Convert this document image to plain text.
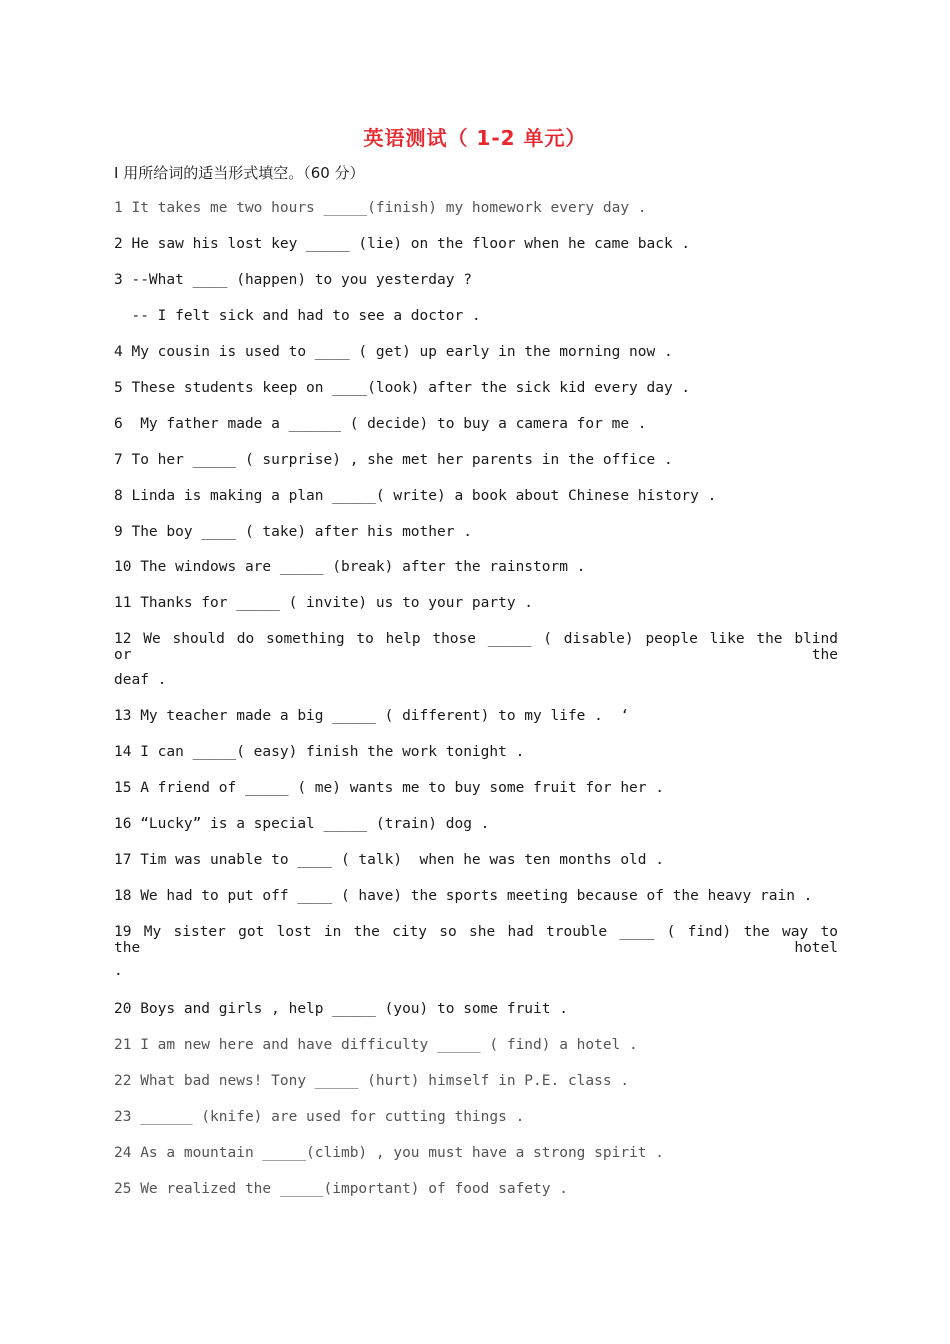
英语测试（ 1-2 单元）
I 用所给词的适当形式填空。（60 分）
1 It takes me two hours _____(finish) my homework every day .
2 He saw his lost key _____ (lie) on the floor when he came back .
3 --What ____ (happen) to you yesterday ?
-- I felt sick and had to see a doctor .
4 My cousin is used to ____ ( get) up early in the morning now .
5 These students keep on ____(look) after the sick kid every day .
6  My father made a ______ ( decide) to buy a camera for me .
7 To her _____ ( surprise) , she met her parents in the office .
8 Linda is making a plan _____( write) a book about Chinese history .
9 The boy ____ ( take) after his mother .
10 The windows are _____ (break) after the rainstorm .
11 Thanks for _____ ( invite) us to your party .
12 We should do something to help those _____ ( disable) people like the blind or the
deaf .
13 My teacher made a big _____ ( different) to my life .  ‘
14 I can _____( easy) finish the work tonight .
15 A friend of _____ ( me) wants me to buy some fruit for her .
16 “Lucky” is a special _____ (train) dog .
17 Tim was unable to ____ ( talk)  when he was ten months old .
18 We had to put off ____ ( have) the sports meeting because of the heavy rain .
19 My sister got lost in the city so she had trouble ____ ( find) the way to the hotel
.
20 Boys and girls , help _____ (you) to some fruit .
21 I am new here and have difficulty _____ ( find) a hotel .
22 What bad news! Tony _____ (hurt) himself in P.E. class .
23 ______ (knife) are used for cutting things .
24 As a mountain _____(climb) , you must have a strong spirit .
25 We realized the _____(important) of food safety .
